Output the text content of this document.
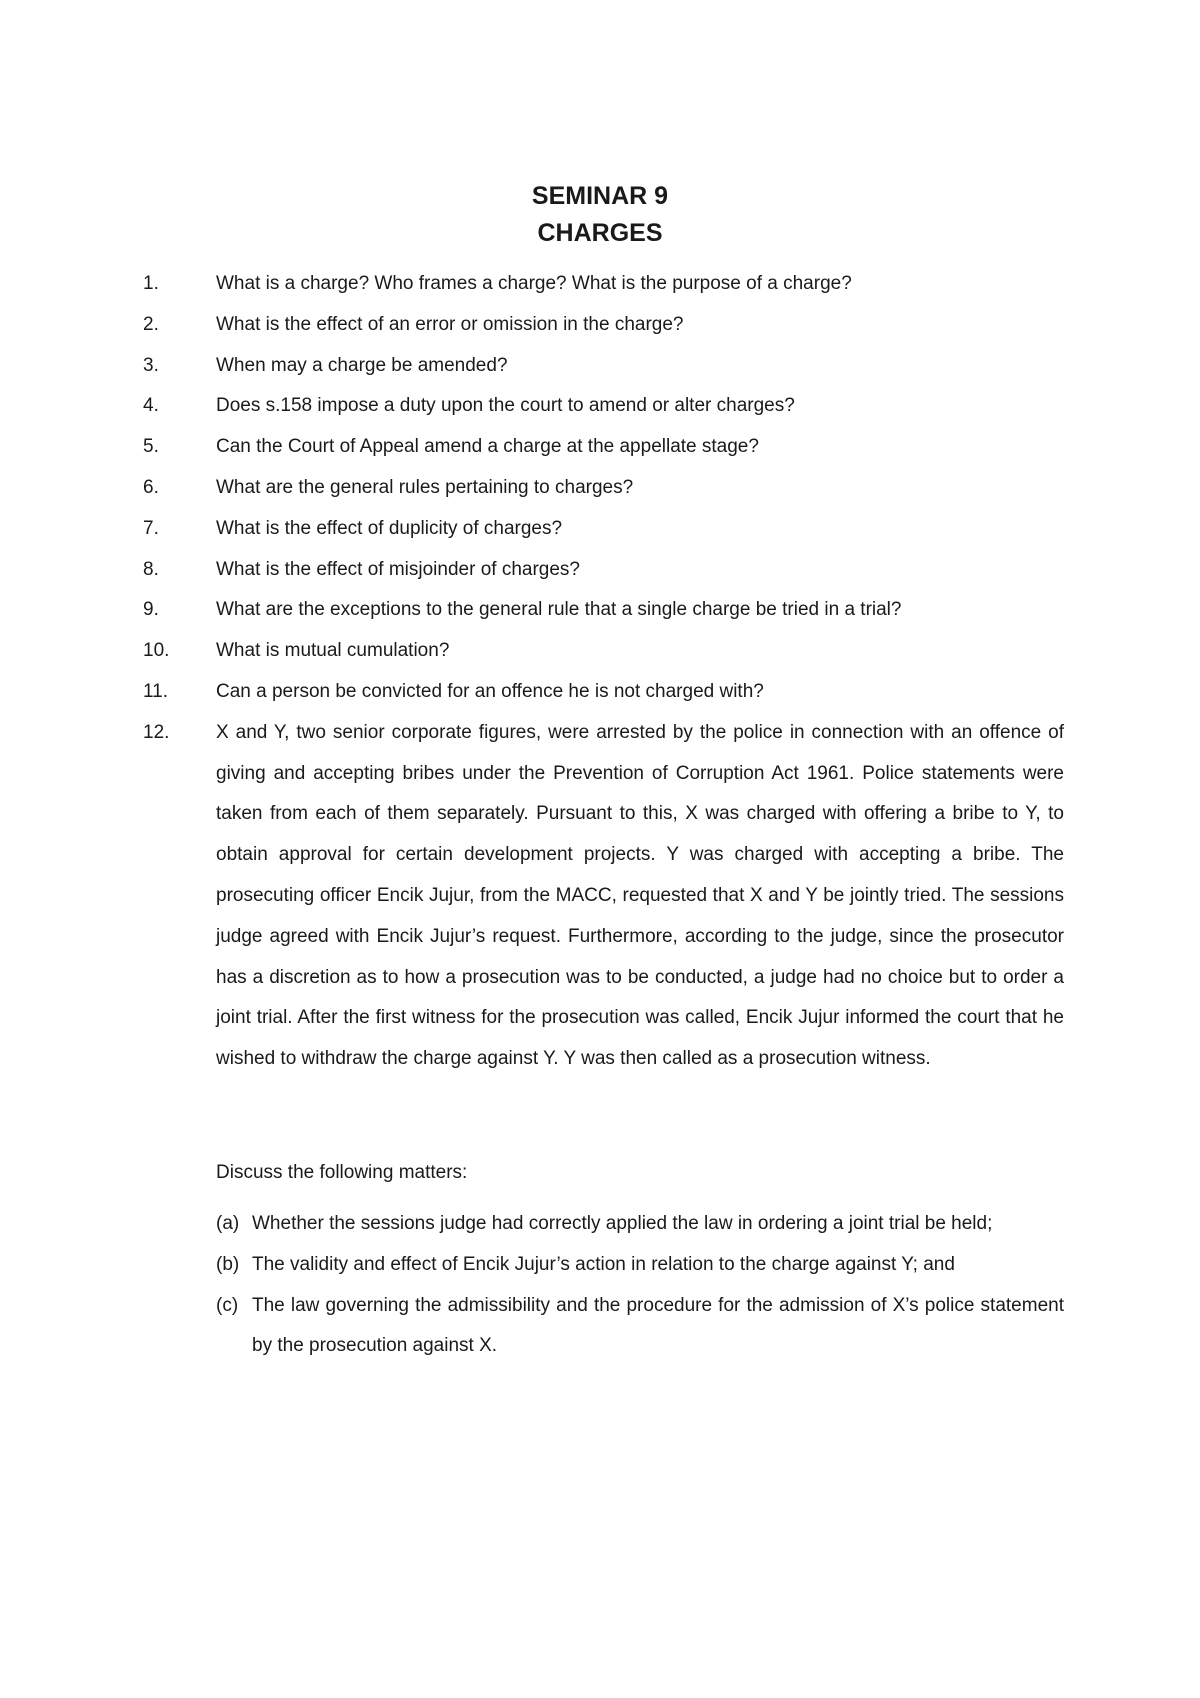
SEMINAR 9
CHARGES
1.	What is a charge? Who frames a charge? What is the purpose of a charge?
2.	What is the effect of an error or omission in the charge?
3.	When may a charge be amended?
4.	Does s.158 impose a duty upon the court to amend or alter charges?
5.	Can the Court of Appeal amend a charge at the appellate stage?
6.	What are the general rules pertaining to charges?
7.	What is the effect of duplicity of charges?
8.	What is the effect of misjoinder of charges?
9.	What are the exceptions to the general rule that a single charge be tried in a trial?
10.	What is mutual cumulation?
11.	Can a person be convicted for an offence he is not charged with?
12.	X and Y, two senior corporate figures, were arrested by the police in connection with an offence of giving and accepting bribes under the Prevention of Corruption Act 1961. Police statements were taken from each of them separately. Pursuant to this, X was charged with offering a bribe to Y, to obtain approval for certain development projects. Y was charged with accepting a bribe. The prosecuting officer Encik Jujur, from the MACC, requested that X and Y be jointly tried. The sessions judge agreed with Encik Jujur’s request. Furthermore, according to the judge, since the prosecutor has a discretion as to how a prosecution was to be conducted, a judge had no choice but to order a joint trial. After the first witness for the prosecution was called, Encik Jujur informed the court that he wished to withdraw the charge against Y. Y was then called as a prosecution witness.
Discuss the following matters:
(a) Whether the sessions judge had correctly applied the law in ordering a joint trial be held;
(b) The validity and effect of Encik Jujur’s action in relation to the charge against Y; and
(c) The law governing the admissibility and the procedure for the admission of X’s police statement by the prosecution against X.
